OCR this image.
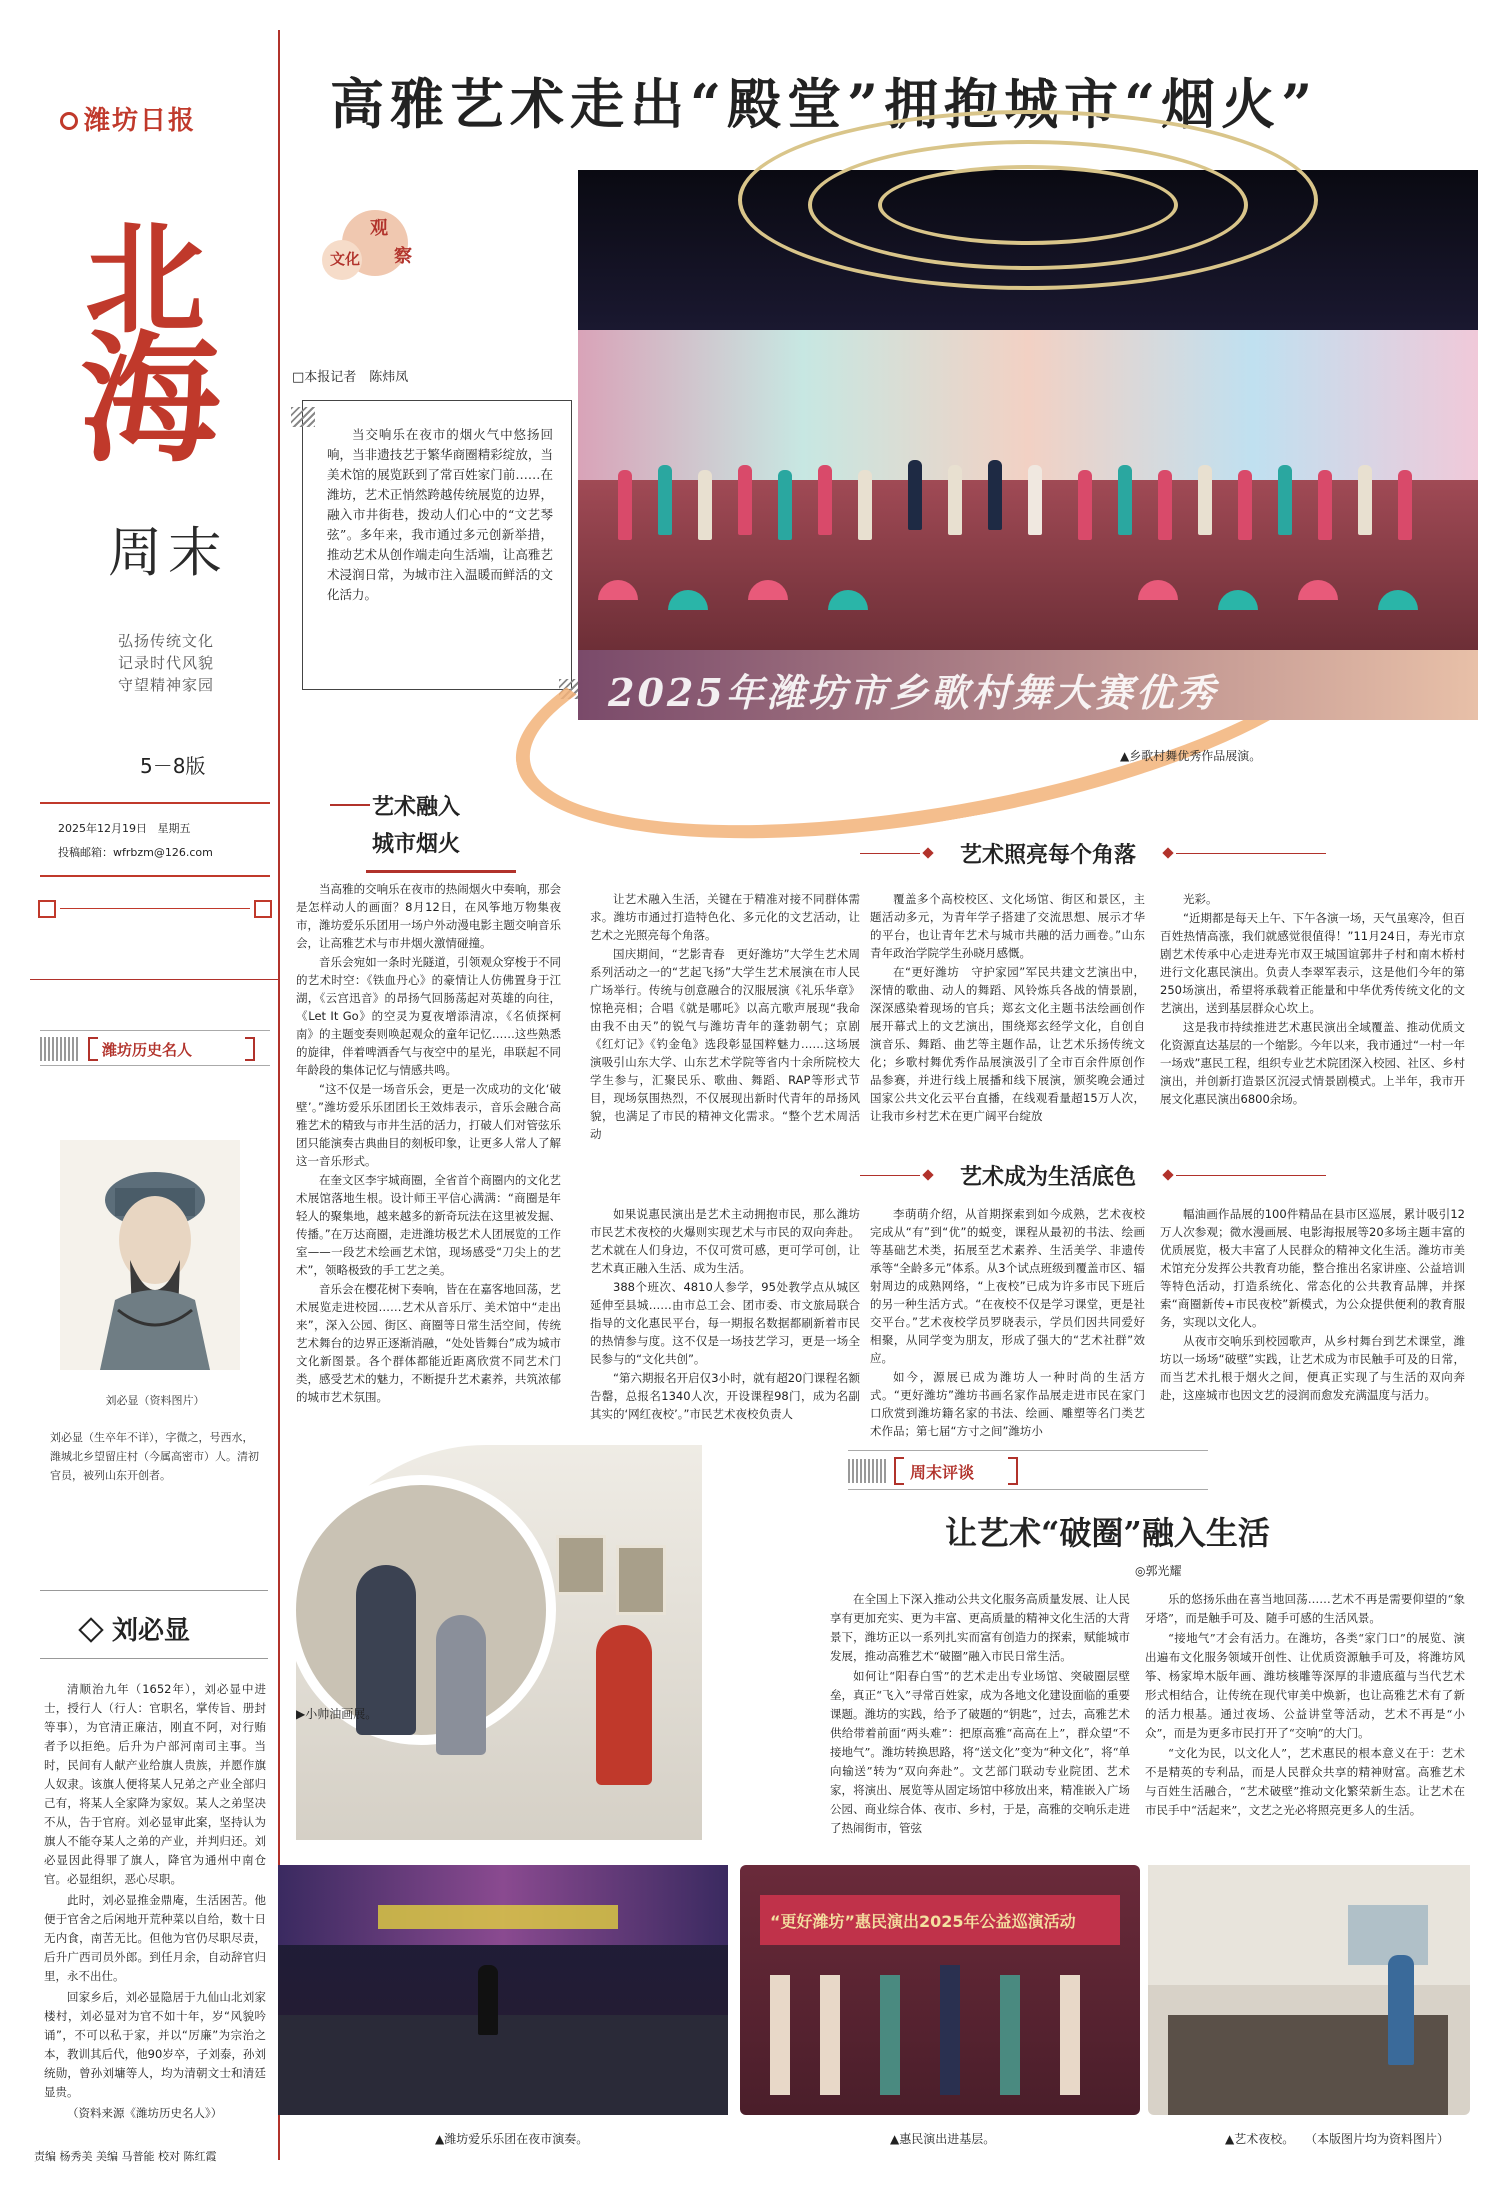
潍坊日报
北
海
周末
弘扬传统文化
记录时代风貌
守望精神家园
5－8版
2025年12月19日 星期五
投稿邮箱：wfrbzm@126.com
潍坊历史名人
刘必显（资料图片）
刘必显（生卒年不详），字微之，号西水，潍城北乡望留庄村（今属高密市）人。清初官员，被列山东开创者。
刘必显

清顺治九年（1652年），刘必显中进士，授行人（行人：官职名，掌传旨、册封等事），为官清正廉洁，刚直不阿，对行贿者予以拒绝。后升为户部河南司主事。当时，民间有人献产业给旗人贵族，并愿作旗人奴隶。该旗人便将某人兄弟之产业全部归己有，将某人全家降为家奴。某人之弟坚决不从，告于官府。刘必显审此案，坚持认为旗人不能夺某人之弟的产业，并判归还。刘必显因此得罪了旗人，降官为通州中南仓官。必显组织，恶心尽职。

此时，刘必显推金鼎庵，生活困苦。他便于官舍之后闲地开荒种菜以自给，数十日无内食，南苦无比。但他为官仍尽职尽责，后升广西司员外郎。到任月余，自动辞官归里，永不出仕。

回家乡后，刘必显隐居于九仙山北刘家楼村，刘必显对为官不如十年，岁“风貌吟诵”，不可以私于家，并以“厉廉”为宗治之本，教训其后代，他90岁卒，子刘泰，孙刘统勋，曾孙刘墉等人，均为清朝文士和清廷显贵。

（资料来源《潍坊历史名人》）

责编 杨秀美 美编 马普能 校对 陈红霞
高雅艺术走出“殿堂”拥抱城市“烟火”
文化
观
察
□本报记者　陈炜凤

当交响乐在夜市的烟火气中悠扬回响，当非遗技艺于繁华商圈精彩绽放，当美术馆的展览跃到了常百姓家门前……在潍坊，艺术正悄然跨越传统展览的边界，融入市井街巷，拨动人们心中的“文艺琴弦”。多年来，我市通过多元创新举措，推动艺术从创作端走向生活端，让高雅艺术浸润日常，为城市注入温暖而鲜活的文化活力。

2025年潍坊市乡歌村舞大赛优秀
▲乡歌村舞优秀作品展演。
艺术融入
城市烟火

当高雅的交响乐在夜市的热闹烟火中奏响，那会是怎样动人的画面？8月12日，在风筝地万物集夜市，潍坊爱乐乐团用一场户外动漫电影主题交响音乐会，让高雅艺术与市井烟火激情碰撞。

音乐会宛如一条时光隧道，引领观众穿梭于不同的艺术时空：《铁血丹心》的豪情让人仿佛置身于江湖，《云宫迅音》的昂扬气回肠荡起对英雄的向往，《Let It Go》的空灵为夏夜增添清凉，《名侦探柯南》的主题变奏则唤起观众的童年记忆……这些熟悉的旋律，伴着啤酒香气与夜空中的星光，串联起不同年龄段的集体记忆与情感共鸣。

“这不仅是一场音乐会，更是一次成功的文化‘破壁’。”潍坊爱乐乐团团长王效炜表示，音乐会融合高雅艺术的精致与市井生活的活力，打破人们对管弦乐团只能演奏古典曲目的刻板印象，让更多人常人了解这一音乐形式。

在奎文区李宇城商圈，全省首个商圈内的文化艺术展馆落地生根。设计师王平信心满满：“商圈是年轻人的聚集地，越来越多的新奇玩法在这里被发掘、传播。”在万达商圈，走进潍坊极艺术人团展览的工作室——一段艺术绘画艺术馆，现场感受“刀尖上的艺术”，领略极致的手工艺之美。

音乐会在樱花树下奏响，皆在在嘉客地回荡，艺术展览走进校园……艺术从音乐厅、美术馆中“走出来”，深入公园、街区、商圈等日常生活空间，传统艺术舞台的边界正逐渐消融，“处处皆舞台”成为城市文化新图景。各个群体都能近距离欣赏不同艺术门类，感受艺术的魅力，不断提升艺术素养，共筑浓郁的城市艺术氛围。

艺术照亮每个角落

让艺术融入生活，关键在于精准对接不同群体需求。潍坊市通过打造特色化、多元化的文艺活动，让艺术之光照亮每个角落。

国庆期间，“艺影青春　更好潍坊”大学生艺术周系列活动之一的“艺起飞扬”大学生艺术展演在市人民广场举行。传统与创意融合的汉服展演《礼乐华章》惊艳亮相；合唱《就是哪吒》以高亢歌声展现“我命由我不由天”的锐气与潍坊青年的蓬勃朝气；京剧《红灯记》《钓金龟》选段彰显国粹魅力……这场展演吸引山东大学、山东艺术学院等省内十余所院校大学生参与，汇聚民乐、歌曲、舞蹈、RAP等形式节目，现场氛围热烈，不仅展现出新时代青年的昂扬风貌，也满足了市民的精神文化需求。“整个艺术周活动

覆盖多个高校校区、文化场馆、街区和景区，主题活动多元，为青年学子搭建了交流思想、展示才华的平台，也让青年艺术与城市共融的活力画卷。”山东青年政治学院学生孙晓月感慨。

在“更好潍坊　守护家园”军民共建文艺演出中，深情的歌曲、动人的舞蹈、风铃炼兵各战的情景剧，深深感染着现场的官兵；郑玄文化主题书法绘画创作展开幕式上的文艺演出，围绕郑玄经学文化，自创自演音乐、舞蹈、曲艺等主题作品，让艺术乐扬传统文化；乡歌村舞优秀作品展演汲引了全市百余件原创作品参赛，并进行线上展播和线下展演，颁奖晚会通过国家公共文化云平台直播，在线观看量超15万人次，让我市乡村艺术在更广阔平台绽放

光彩。

“近期都是每天上午、下午各演一场，天气虽寒冷，但百百姓热情高涨，我们就感觉很值得！”11月24日，寿光市京剧艺术传承中心走进寿光市双王城国谊郭井子村和南木桥村进行文化惠民演出。负责人李翠军表示，这是他们今年的第250场演出，希望将承载着正能量和中华优秀传统文化的文艺演出，送到基层群众心坎上。

这是我市持续推进艺术惠民演出全域覆盖、推动优质文化资源直达基层的一个缩影。今年以来，我市通过“一村一年一场戏”惠民工程，组织专业艺术院团深入校园、社区、乡村演出，并创新打造景区沉浸式情景剧模式。上半年，我市开展文化惠民演出6800余场。

艺术成为生活底色

如果说惠民演出是艺术主动拥抱市民，那么潍坊市民艺术夜校的火爆则实现艺术与市民的双向奔赴。艺术就在人们身边，不仅可赏可感，更可学可创，让艺术真正融入生活、成为生活。

388个班次、4810人参学，95处教学点从城区延伸至县城……由市总工会、团市委、市文旅局联合指导的文化惠民平台，每一期报名数据都刷新着市民的热情参与度。这不仅是一场技艺学习，更是一场全民参与的“文化共创”。

“第六期报名开启仅3小时，就有超20门课程名额告罄，总报名1340人次，开设课程98门，成为名副其实的‘网红夜校’。”市民艺术夜校负责人

李萌萌介绍，从首期探索到如今成熟，艺术夜校完成从“有”到“优”的蜕变，课程从最初的书法、绘画等基础艺术类，拓展至艺术素养、生活美学、非遗传承等“全龄多元”体系。从3个试点班级到覆盖市区、辐射周边的成熟网络，“上夜校”已成为许多市民下班后的另一种生活方式。“在夜校不仅是学习课堂，更是社交平台。”艺术夜校学员罗晓表示，学员们因共同爱好相聚，从同学变为朋友，形成了强大的“艺术社群”效应。

如今，源展已成为潍坊人一种时尚的生活方式。“更好潍坊”潍坊书画名家作品展走进市民在家门口欣赏到潍坊籍名家的书法、绘画、雕塑等名门类艺术作品；第七届“方寸之间”潍坊小

幅油画作品展的100件精品在县市区巡展，累计吸引12万人次参观；微水漫画展、电影海报展等20多场主题丰富的优质展览，极大丰富了人民群众的精神文化生活。潍坊市美术馆充分发挥公共教育功能，整合推出名家讲座、公益培训等特色活动，打造系统化、常态化的公共教育品牌，并探索“商圈新传+市民夜校”新模式，为公众提供便利的教育服务，实现以文化人。

从夜市交响乐到校园歌声，从乡村舞台到艺术课堂，潍坊以一场场“破壁”实践，让艺术成为市民触手可及的日常，而当艺术扎根于烟火之间，便真正实现了与生活的双向奔赴，这座城市也因文艺的浸润而愈发充满温度与活力。

▶小帅油画展。
周末评谈
让艺术“破圈”融入生活
◎郭光耀

在全国上下深入推动公共文化服务高质量发展、让人民享有更加充实、更为丰富、更高质量的精神文化生活的大背景下，潍坊正以一系列扎实而富有创造力的探索，赋能城市发展，推动高雅艺术“破圈”融入市民日常生活。

如何让“阳春白雪”的艺术走出专业场馆、突破圈层壁垒，真正“飞入”寻常百姓家，成为各地文化建设面临的重要课题。潍坊的实践，给予了破题的“钥匙”，过去，高雅艺术供给带着前面“两头难”：把原高雅“高高在上”，群众望“不接地气”。潍坊转换思路，将“送文化”变为“种文化”，将“单向输送”转为“双向奔赴”。文艺部门联动专业院团、艺术家，将演出、展览等从固定场馆中移放出来，精准嵌入广场公园、商业综合体、夜市、乡村，于是，高雅的交响乐走进了热闹街市，管弦

乐的悠扬乐曲在喜当地回荡……艺术不再是需要仰望的“象牙塔”，而是触手可及、随手可感的生活风景。

“接地气”才会有活力。在潍坊，各类“家门口”的展览、演出遍布文化服务领域开创性、让优质资源触手可及，将潍坊风筝、杨家埠木版年画、潍坊核雕等深厚的非遗底蕴与当代艺术形式相结合，让传统在现代审美中焕新，也让高雅艺术有了新的活力根基。通过夜场、公益讲堂等活动，艺术不再是“小众”，而是为更多市民打开了“交响”的大门。

“文化为民，以文化人”，艺术惠民的根本意义在于：艺术不是精英的专利品，而是人民群众共享的精神财富。高雅艺术与百姓生活融合，“艺术破壁”推动文化繁荣新生态。让艺术在市民手中“活起来”，文艺之光必将照亮更多人的生活。

“更好潍坊”惠民演出2025年公益巡演活动
▲潍坊爱乐乐团在夜市演奏。	▲惠民演出进基层。	▲艺术夜校。 （本版图片均为资料图片）
